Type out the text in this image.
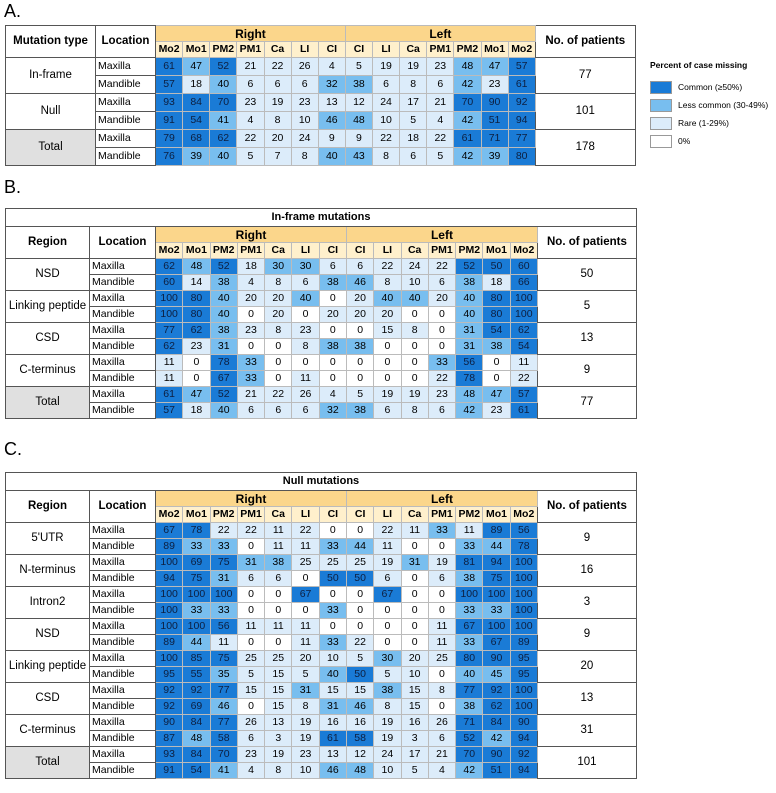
A.
B.
C.
Mutation type	Location	Right							Left							No. of patients
		Mo2	Mo1	PM2	PM1	Ca	LI	CI	CI	LI	Ca	PM1	PM2	Mo1	Mo2	
In-frame	Maxilla	61	47	52	21	22	26	4	5	19	19	23	48	47	57	77
	Mandible	57	18	40	6	6	6	32	38	6	8	6	42	23	61	
Null	Maxilla	93	84	70	23	19	23	13	12	24	17	21	70	90	92	101
	Mandible	91	54	41	4	8	10	46	48	10	5	4	42	51	94	
Total	Maxilla	79	68	62	22	20	24	9	9	22	18	22	61	71	77	178
	Mandible	76	39	40	5	7	8	40	43	8	6	5	42	39	80	
In-frame mutations																
Region	Location	Right							Left							No. of patients
		Mo2	Mo1	PM2	PM1	Ca	LI	CI	CI	LI	Ca	PM1	PM2	Mo1	Mo2	
NSD	Maxilla	62	48	52	18	30	30	6	6	22	24	22	52	50	60	50
	Mandible	60	14	38	4	8	6	38	46	8	10	6	38	18	66	
Linking peptide	Maxilla	100	80	40	20	20	40	0	20	40	40	20	40	80	100	5
	Mandible	100	80	40	0	20	0	20	20	20	0	0	40	80	100	
CSD	Maxilla	77	62	38	23	8	23	0	0	15	8	0	31	54	62	13
	Mandible	62	23	31	0	0	8	38	38	0	0	0	31	38	54	
C-terminus	Maxilla	11	0	78	33	0	0	0	0	0	0	33	56	0	11	9
	Mandible	11	0	67	33	0	11	0	0	0	0	22	78	0	22	
Total	Maxilla	61	47	52	21	22	26	4	5	19	19	23	48	47	57	77
	Mandible	57	18	40	6	6	6	32	38	6	8	6	42	23	61	
Null mutations																
Region	Location	Right							Left							No. of patients
		Mo2	Mo1	PM2	PM1	Ca	LI	CI	CI	LI	Ca	PM1	PM2	Mo1	Mo2	
5'UTR	Maxilla	67	78	22	22	11	22	0	0	22	11	33	11	89	56	9
	Mandible	89	33	33	0	11	11	33	44	11	0	0	33	44	78	
N-terminus	Maxilla	100	69	75	31	38	25	25	25	19	31	19	81	94	100	16
	Mandible	94	75	31	6	6	0	50	50	6	0	6	38	75	100	
Intron2	Maxilla	100	100	100	0	0	67	0	0	67	0	0	100	100	100	3
	Mandible	100	33	33	0	0	0	33	0	0	0	0	33	33	100	
NSD	Maxilla	100	100	56	11	11	11	0	0	0	0	11	67	100	100	9
	Mandible	89	44	11	0	0	11	33	22	0	0	11	33	67	89	
Linking peptide	Maxilla	100	85	75	25	25	20	10	5	30	20	25	80	90	95	20
	Mandible	95	55	35	5	15	5	40	50	5	10	0	40	45	95	
CSD	Maxilla	92	92	77	15	15	31	15	15	38	15	8	77	92	100	13
	Mandible	92	69	46	0	15	8	31	46	8	15	0	38	62	100	
C-terminus	Maxilla	90	84	77	26	13	19	16	16	19	16	26	71	84	90	31
	Mandible	87	48	58	6	3	19	61	58	19	3	6	52	42	94	
Total	Maxilla	93	84	70	23	19	23	13	12	24	17	21	70	90	92	101
	Mandible	91	54	41	4	8	10	46	48	10	5	4	42	51	94	
Percent of case missing
Common (≥50%)
Less common (30-49%)
Rare (1-29%)
0%
